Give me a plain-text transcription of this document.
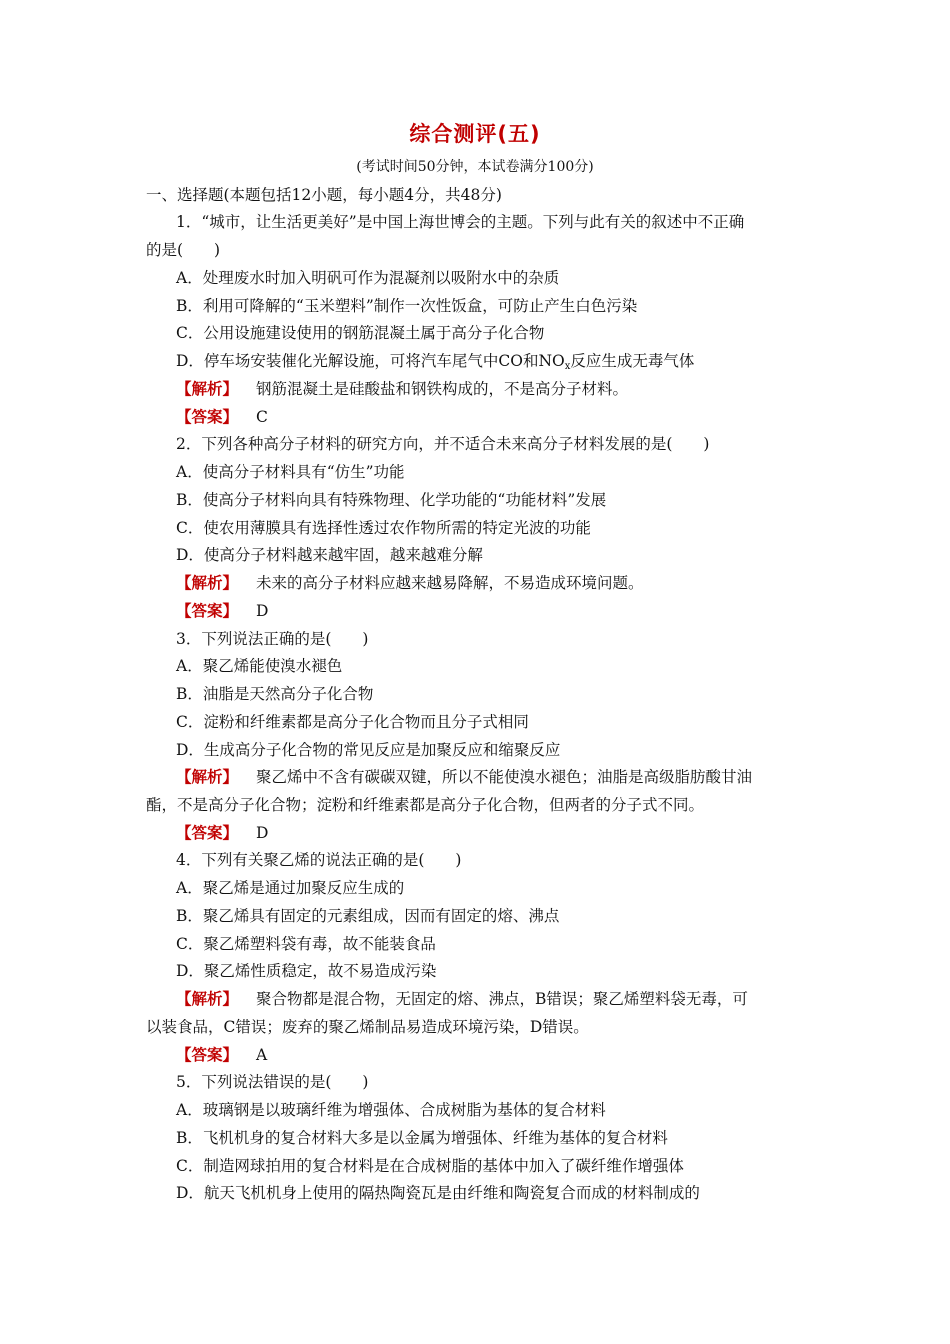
综合测评(五)
(考试时间50分钟，本试卷满分100分)
一、选择题(本题包括12小题，每小题4分，共48分)
1．“城市，让生活更美好”是中国上海世博会的主题。下列与此有关的叙述中不正确
的是(　　)
A．处理废水时加入明矾可作为混凝剂以吸附水中的杂质
B．利用可降解的“玉米塑料”制作一次性饭盒，可防止产生白色污染
C．公用设施建设使用的钢筋混凝土属于高分子化合物
D．停车场安装催化光解设施，可将汽车尾气中CO和$NO_x$反应生成无毒气体
【解析】 钢筋混凝土是硅酸盐和钢铁构成的，不是高分子材料。
【答案】 C
2．下列各种高分子材料的研究方向，并不适合未来高分子材料发展的是(　　)
A．使高分子材料具有“仿生”功能
B．使高分子材料向具有特殊物理、化学功能的“功能材料”发展
C．使农用薄膜具有选择性透过农作物所需的特定光波的功能
D．使高分子材料越来越牢固，越来越难分解
【解析】 未来的高分子材料应越来越易降解，不易造成环境问题。
【答案】 D
3．下列说法正确的是(　　)
A．聚乙烯能使溴水褪色
B．油脂是天然高分子化合物
C．淀粉和纤维素都是高分子化合物而且分子式相同
D．生成高分子化合物的常见反应是加聚反应和缩聚反应
【解析】 聚乙烯中不含有碳碳双键，所以不能使溴水褪色；油脂是高级脂肪酸甘油
酯，不是高分子化合物；淀粉和纤维素都是高分子化合物，但两者的分子式不同。
【答案】 D
4．下列有关聚乙烯的说法正确的是(　　)
A．聚乙烯是通过加聚反应生成的
B．聚乙烯具有固定的元素组成，因而有固定的熔、沸点
C．聚乙烯塑料袋有毒，故不能装食品
D．聚乙烯性质稳定，故不易造成污染
【解析】 聚合物都是混合物，无固定的熔、沸点，B错误；聚乙烯塑料袋无毒，可
以装食品，C错误；废弃的聚乙烯制品易造成环境污染，D错误。
【答案】 A
5．下列说法错误的是(　　)
A．玻璃钢是以玻璃纤维为增强体、合成树脂为基体的复合材料
B．飞机机身的复合材料大多是以金属为增强体、纤维为基体的复合材料
C．制造网球拍用的复合材料是在合成树脂的基体中加入了碳纤维作增强体
D．航天飞机机身上使用的隔热陶瓷瓦是由纤维和陶瓷复合而成的材料制成的
